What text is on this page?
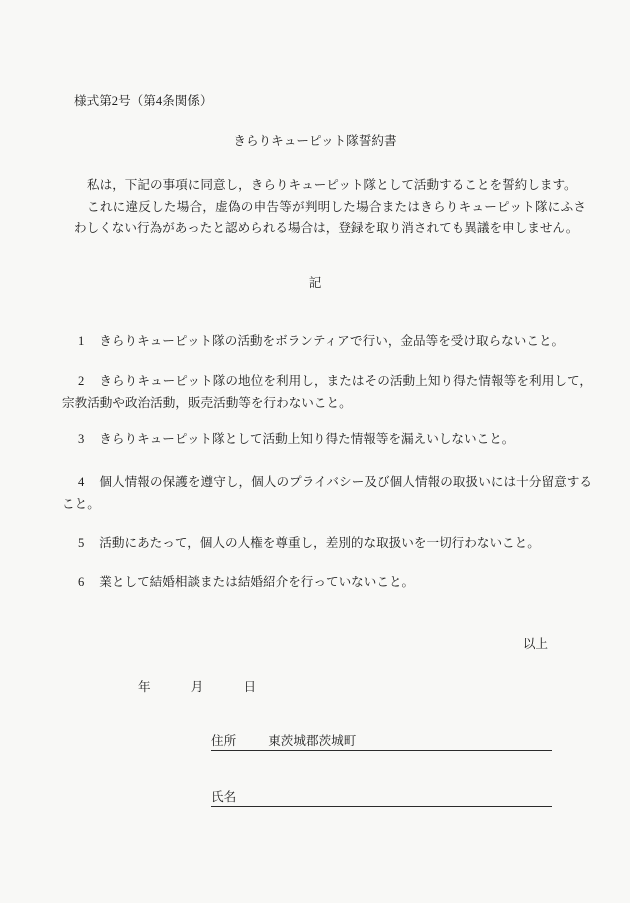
様式第2号（第4条関係）
きらりキューピット隊誓約書

私は，下記の事項に同意し，きらりキューピット隊として活動することを誓約します。

これに違反した場合，虚偽の申告等が判明した場合またはきらりキューピット隊にふさわしくない行為があったと認められる場合は，登録を取り消されても異議を申しません。

記

1 きらりキューピット隊の活動をボランティアで行い，金品等を受け取らないこと。

2 きらりキューピット隊の地位を利用し，またはその活動上知り得た情報等を利用して，宗教活動や政治活動，販売活動等を行わないこと。

3 きらりキューピット隊として活動上知り得た情報等を漏えいしないこと。

4 個人情報の保護を遵守し，個人のプライバシー及び個人情報の取扱いには十分留意すること。

5 活動にあたって，個人の人権を尊重し，差別的な取扱いを一切行わないこと。

6 業として結婚相談または結婚紹介を行っていないこと。

以上
年	月	日
住所	東茨城郡茨城町
氏名
